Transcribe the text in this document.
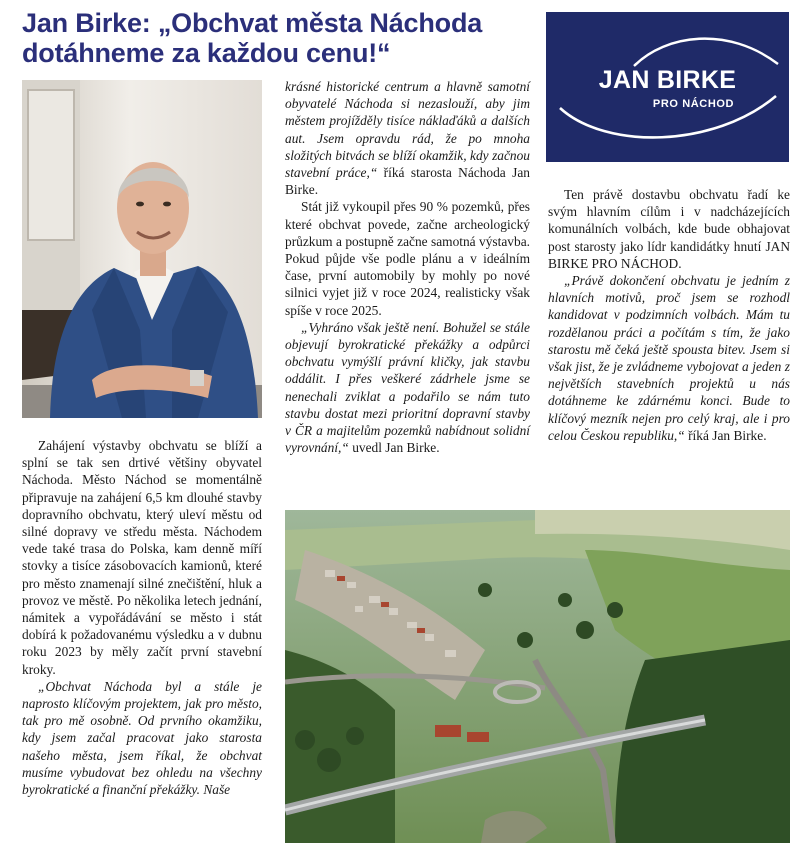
Jan Birke: „Obchvat města Náchoda dotáhneme za každou cenu!“
JAN BIRKE
PRO NÁCHOD

Zahájení výstavby obchvatu se blíží a splní se tak sen drtivé většiny obyvatel Náchoda. Město Náchod se momentálně připravuje na zahájení 6,5 km dlouhé stavby dopravního obchvatu, který uleví městu od silné dopravy ve středu města. Náchodem vede také trasa do Polska, kam denně míří stovky a tisíce zásobovacích kamionů, které pro město znamenají silné znečištění, hluk a provoz ve městě. Po několika letech jednání, námitek a vypořádávání se město i stát dobírá k požadovanému výsledku a v dubnu roku 2023 by měly začít první stavební kroky.

„Obchvat Náchoda byl a stále je naprosto klíčovým projektem, jak pro město, tak pro mě osobně. Od prvního okamžiku, kdy jsem začal pracovat jako starosta našeho města, jsem říkal, že obchvat musíme vybudovat bez ohledu na všechny byrokratické a finanční překážky. Naše

krásné historické centrum a hlavně samotní obyvatelé Náchoda si nezaslouží, aby jim městem projížděly tisíce náklaďáků a dalších aut. Jsem opravdu rád, že po mnoha složitých bitvách se blíží okamžik, kdy začnou stavební práce,“ říká starosta Náchoda Jan Birke.

Stát již vykoupil přes 90 % pozemků, přes které obchvat povede, začne archeologický průzkum a postupně začne samotná výstavba. Pokud půjde vše podle plánu a v ideálním čase, první automobily by mohly po nové silnici vyjet již v roce 2024, realisticky však spíše v roce 2025.

„Vyhráno však ještě není. Bohužel se stále objevují byrokratické překážky a odpůrci obchvatu vymýšlí právní kličky, jak stavbu oddálit. I přes veškeré zádrhele jsme se nenechali zviklat a podařilo se nám tuto stavbu dostat mezi prioritní dopravní stavby v ČR a majitelům pozemků nabídnout solidní vyrovnání,“ uvedl Jan Birke.

Ten právě dostavbu obchvatu řadí ke svým hlavním cílům i v nadcházejících komunálních volbách, kde bude obhajovat post starosty jako lídr kandidátky hnutí JAN BIRKE PRO NÁCHOD.

„Právě dokončení obchvatu je jedním z hlavních motivů, proč jsem se rozhodl kandidovat v podzimních volbách. Mám tu rozdělanou práci a počítám s tím, že jako starostu mě čeká ještě spousta bitev. Jsem si však jist, že je zvládneme vybojovat a jeden z největších stavebních projektů u nás dotáhneme ke zdárnému konci. Bude to klíčový mezník nejen pro celý kraj, ale i pro celou Českou republiku,“ říká Jan Birke.
